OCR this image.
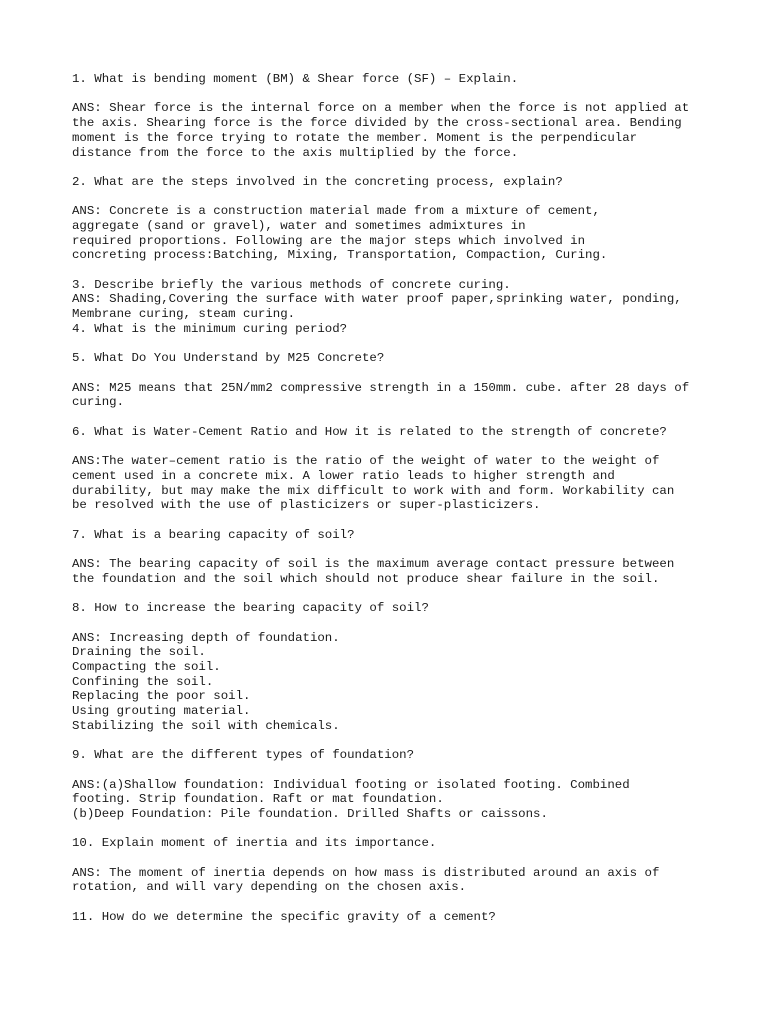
1. What is bending moment (BM) & Shear force (SF) – Explain.
ANS: Shear force is the internal force on a member when the force is not applied at
the axis. Shearing force is the force divided by the cross-sectional area. Bending
moment is the force trying to rotate the member. Moment is the perpendicular
distance from the force to the axis multiplied by the force.
2. What are the steps involved in the concreting process, explain?
ANS: Concrete is a construction material made from a mixture of cement,
aggregate (sand or gravel), water and sometimes admixtures in
required proportions. Following are the major steps which involved in
concreting process:Batching, Mixing, Transportation, Compaction, Curing.
3. Describe briefly the various methods of concrete curing.
ANS: Shading,Covering the surface with water proof paper,sprinking water, ponding,
Membrane curing, steam curing.
4. What is the minimum curing period?
5. What Do You Understand by M25 Concrete?
ANS: M25 means that 25N/mm2 compressive strength in a 150mm. cube. after 28 days of
curing.
6. What is Water-Cement Ratio and How it is related to the strength of concrete?
ANS:The water–cement ratio is the ratio of the weight of water to the weight of
cement used in a concrete mix. A lower ratio leads to higher strength and
durability, but may make the mix difficult to work with and form. Workability can
be resolved with the use of plasticizers or super-plasticizers.
7. What is a bearing capacity of soil?
ANS: The bearing capacity of soil is the maximum average contact pressure between
the foundation and the soil which should not produce shear failure in the soil.
8. How to increase the bearing capacity of soil?
ANS: Increasing depth of foundation.
Draining the soil.
Compacting the soil.
Confining the soil.
Replacing the poor soil.
Using grouting material.
Stabilizing the soil with chemicals.
9. What are the different types of foundation?
ANS:(a)Shallow foundation: Individual footing or isolated footing. Combined
footing. Strip foundation. Raft or mat foundation.
(b)Deep Foundation: Pile foundation. Drilled Shafts or caissons.
10. Explain moment of inertia and its importance.
ANS: The moment of inertia depends on how mass is distributed around an axis of
rotation, and will vary depending on the chosen axis.
11. How do we determine the specific gravity of a cement?
